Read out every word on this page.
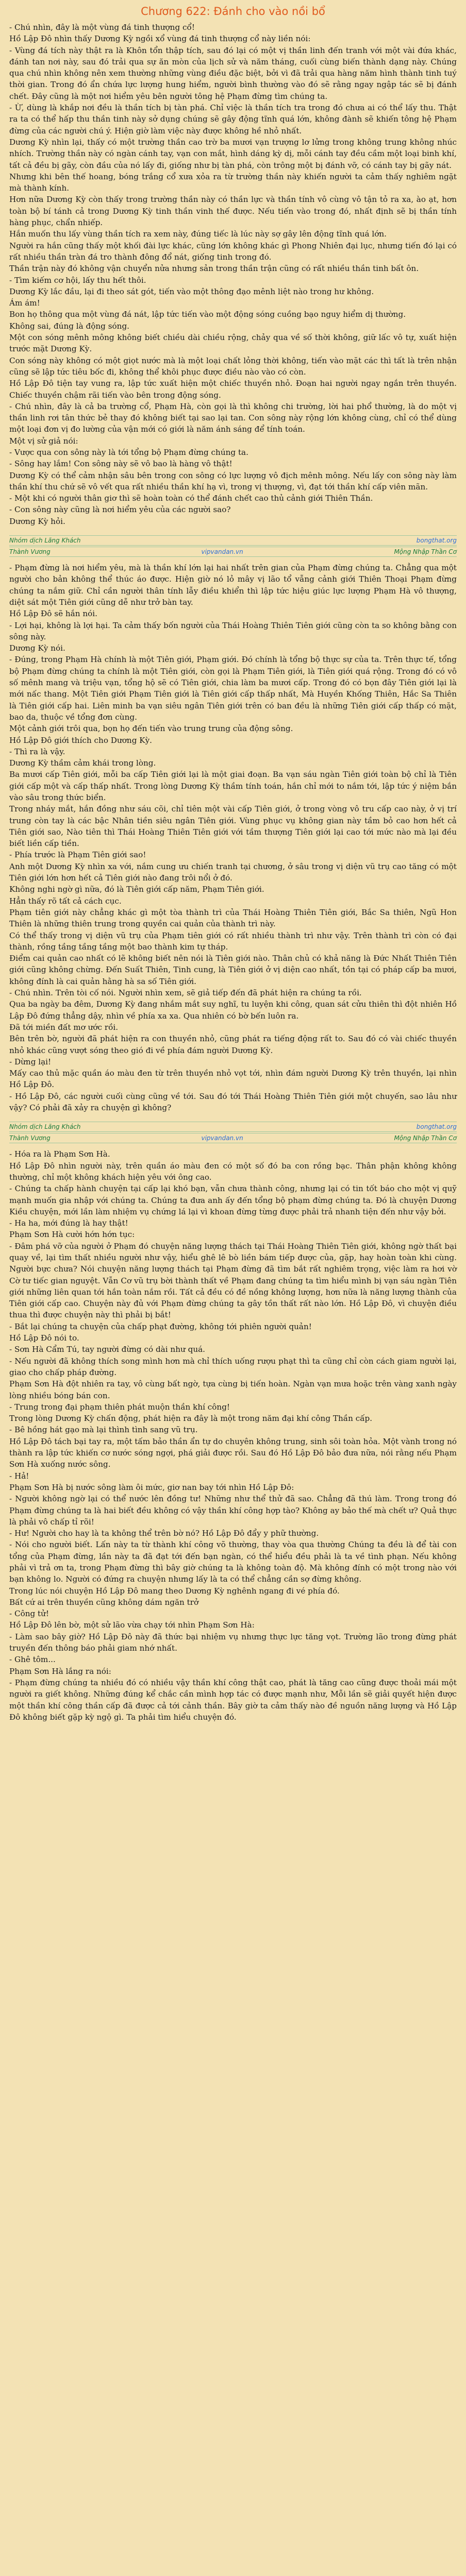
Chương 622: Đánh cho vào nồi bổ

- Chú nhìn, đây là một vùng đá tinh thượng cổ!

Hồ Lập Đô nhìn thấy Dương Kỳ ngồi xổ vùng đá tinh thượng cổ này liền nói:

- Vùng đá tích này thật ra là Khôn tổn thập tích, sau đó lại có một vị thần linh đến tranh với một vài đứa khác, đánh tan nơi này, sau đó trải qua sự ăn mòn của lịch sử và năm tháng, cuối cùng biến thành dạng này. Chúng qua chú nhìn không nên xem thường những vùng điều đặc biệt, bởi vì đã trải qua hàng năm hình thành tinh tuý thời gian. Trong đó ẩn chứa lực lượng hung hiểm, người bình thường vào đó sẽ rằng ngay ngập tác sẽ bị đánh chết. Đây cũng là một nơi hiểm yêu bên người tông hệ Phạm đừng tìm chúng ta.

- Ừ, dùng là khắp nơi đều là thần tích bị tàn phá. Chỉ việc là thần tích tra trong đó chưa ai có thể lấy thu. Thật ra ta có thể hấp thu thần tinh này sở dụng chúng sẽ gây động tĩnh quá lớn, không đành sẽ khiến tông hệ Phạm đừng của các người chú ý. Hiện giờ làm việc này được không hề nhỏ nhất.

Dương Kỳ nhìn lại, thấy có một trường thần cao trờ ba mươi vạn trượng lơ lửng trong không trung không nhúc nhích. Trường thần này có ngàn cánh tay, vạn con mắt, hình dáng kỳ dị, mỗi cánh tay đều cầm một loại binh khí, tất cả đều bị gãy, còn đầu của nó lấy đi, giống như bị tàn phá, còn trông một bị đánh vỡ, có cánh tay bị gãy nát.

Nhưng khi bên thế hoang, bóng trắng cổ xưa xỏa ra từ trường thần này khiến người ta cảm thấy nghiêm ngặt mà thành kính.

Hơn nữa Dương Kỳ còn thấy trong trường thần này có thần lực và thần tính vô cùng vô tận tỏ ra xa, ào ạt, hơn toàn bộ bí tánh cả trong Dương Kỳ tinh thần vinh thế được. Nếu tiến vào trong đó, nhất định sẽ bị thần tính hàng phục, chẩn nhiếp.

Hắn muốn thu lấy vùng thần tích ra xem này, đúng tiếc là lúc này sợ gây lên động tĩnh quá lớn.

Người ra hắn cũng thấy một khối đài lực khác, cũng lớn không khác gì Phong Nhiên đại lục, nhưng tiến đó lại có rất nhiều thần tràn đá tro thành đông đổ nát, giống tinh trong đó.

Thần trận này đó không vận chuyển nửa nhưng sản trong thần trận cũng có rất nhiều thần tinh bất ôn.

- Tìm kiếm cơ hội, lấy thu hết thôi.

Dương Kỳ lắc đầu, lại đi theo sát gót, tiến vào một thông đạo mênh liệt nào trong hư không.

Ám ám!

Bon họ thông qua một vùng đá nát, lập tức tiến vào một động sóng cuồng bạo nguy hiểm dị thường.

Không sai, đúng là động sóng.

Một con sóng mênh mông không biết chiều dài chiều rộng, chảy qua về số thời không, giữ lấc vô tự, xuất hiện trước mặt Dương Kỳ.

Con sóng này không có một giọt nước mà là một loại chất lỏng thời không, tiến vào mặt các thì tất là trên nhận cũng sẽ lập tức tiêu bốc đi, không thể khôi phục được điều nào vào có còn.

Hồ Lập Đô tiện tay vung ra, lập tức xuất hiện một chiếc thuyền nhỏ. Đoạn hai người ngay ngắn trên thuyền. Chiếc thuyền chậm rãi tiến vào bên trong động sóng.

- Chú nhìn, đây là cả ba trường cổ, Phạm Hà, còn gọi là thì không chi trường, lời hai phổ thường, là do một vị thần linh rơi tân thức bẻ thay đó không biết tại sao lại tan. Con sông này rộng lớn không cùng, chỉ có thể dùng một loại đơn vị đo lường của vận mới có giới là năm ánh sáng để tính toán.

Một vị sử giả nói:

- Vược qua con sông này là tới tổng bộ Phạm đừng chúng ta.

- Sông hay lắm! Con sông này sẽ vô bao là hàng vô thật!

Dương Kỳ có thể cảm nhận sâu bên trong con sông có lực lượng vô địch mênh mông. Nếu lấy con sông này làm thần khí thu chứ sẽ vô vết qua rất nhiều thần khí hạ vì, trong vị thượng, vì, đạt tới thần khí cấp viên mãn.

- Một khi có người thân giơ thì sẽ hoàn toàn có thể đánh chết cao thủ cảnh giới Thiên Thần.

- Con sông này cũng là nơi hiểm yêu của các người sao?

Dương Kỳ hỏi.

Nhóm dịch Lãng Khách	bongthat.org
Thành Vương	vipvandan.vn	Mộng Nhập Thần Cơ

- Phạm đừng là nơi hiểm yêu, mà là thần khí lớn lại hai nhất trên gian của Phạm đừng chúng ta. Chẳng qua một người cho bản không thể thúc áo được. Hiện giờ nó lỏ mây vị lão tổ vẫng cảnh giới Thiên Thoại Phạm đừng chúng ta nắm giữ. Chỉ cần người thân tính lẫy điều khiển thì lập tức hiệu giúc lực lượng Phạm Hà vô thượng, diệt sát một Tiên giới cũng dễ như trở bàn tay.

Hồ Lập Đô sẽ hắn nói.

- Lợi hại, không là lợi hại. Ta cảm thấy bốn người của Thái Hoàng Thiên Tiên giới cũng còn ta so không bằng con sông này.

Dương Kỳ nói.

- Đúng, trong Phạm Hà chính là một Tiên giới, Phạm giới. Đó chính là tổng bộ thực sự của ta. Trên thực tế, tổng bộ Phạm đừng chúng ta chính là một Tiên giới, còn gọi là Phạm Tiên giới, là Tiên giới quá rộng. Trong đó có vô số mênh mang và triệu vạn, tổng hộ sẽ có Tiên giới, chia làm ba mươi cấp. Trong đó có bọn đây Tiên giới lại là mới nấc thang. Một Tiên giới Phạm Tiên giới là Tiên giới cấp thấp nhất, Mà Huyền Khống Thiên, Hắc Sa Thiên là Tiên giới cấp hai. Liên minh ba vạn siêu ngân Tiên giới trên có ban đều là những Tiên giới cấp thấp có mặt, bao da, thuộc về tổng đơn cùng.

Một cảnh giới trôi qua, bọn họ đến tiến vào trung trung của động sông.

Hồ Lập Đô giới thích cho Dương Kỳ.

- Thì ra là vậy.

Dương Kỳ thầm cảm khái trong lòng.

Ba mươi cấp Tiên giới, mỗi ba cấp Tiên giới lại là một giai đoạn. Ba vạn sáu ngàn Tiên giới toàn bộ chỉ là Tiên giới cấp một và cấp thấp nhất. Trong lòng Dương Kỳ thầm tính toán, hắn chỉ mới to nắm tới, lập tức ý niệm bắn vào sâu trong thức biển.

Trong nháy mắt, hắn đồng như sáu cõi, chỉ tiên một vài cấp Tiên giới, ở trong vòng vô tru cấp cao này, ở vị trí trung còn tay là các bậc Nhân tiền siêu ngân Tiên giới. Vùng phục vụ không gian này tầm bỏ cao hơn hết cả Tiên giới sao, Nào tiên thì Thái Hoàng Thiên Tiên giới với tầm thượng Tiên giới lại cao tới mức nào mà lại đều biết liền cấp tiền.

- Phía trước là Phạm Tiên giới sao!

Anh một Dương Kỳ nhìn xa với, nắm cung ưu chiến tranh tại chương, ở sâu trong vị diện vũ trụ cao tăng có một Tiên giới lớn hơn hết cả Tiên giới nào đang trôi nổi ở đó.

Không nghi ngờ gì nữa, đó là Tiên giới cấp năm, Phạm Tiên giới.

Hẳn thấy rõ tất cả cách cục.

Phạm tiên giới này chẳng khác gì một tòa thành trì của Thái Hoàng Thiên Tiên giới, Bắc Sa thiên, Ngũ Hon Thiên là những thiên trung trong quyền cai quản của thành trì này.

Có thể thấy trong vị diện vũ trụ của Phạm tiên giới có rất nhiều thành trì như vậy. Trên thành trì còn có đại thành, rồng tầng tầng tầng một bao thành kim tự tháp.

Điểm cai quản cao nhất có lẽ không biết nên nói là Tiên giới nào. Thân chủ có khả năng là Đức Nhất Thiên Tiên giới cũng không chừng. Đến Suất Thiên, Tinh cung, là Tiên giới ở vị diện cao nhất, tồn tại có pháp cấp ba mươi, không đính là cai quản hằng hà sa số Tiên giới.

- Chú nhìn. Trên tòi cố nói. Người nhìn xem, sẽ giả tiếp đến đã phát hiện ra chúng ta rồi.

Qua ba ngày ba đêm, Dương Kỳ đang nhắm mắt suy nghĩ, tu luyện khi công, quan sát cửu thiên thì đột nhiên Hồ Lập Đô đứng thẳng dậy, nhìn về phía xa xa. Qua nhiên có bờ bến luôn ra.

Đã tới miền đất mơ ước rồi.

Bên trên bờ, người đã phát hiện ra con thuyền nhỏ, cũng phát ra tiếng động rất to. Sau đó có vài chiếc thuyền nhỏ khác cũng vượt sóng theo gió đi về phía đám người Dương Kỳ.

- Dừng lại!

Mấy cao thủ mặc quần áo màu đen từ trên thuyền nhỏ vọt tới, nhìn đám người Dương Kỳ trên thuyền, lại nhìn Hồ Lập Đô.

- Hồ Lập Đô, các người cuối cùng cũng về tới. Sau đó tới Thái Hoàng Thiên Tiên giới một chuyến, sao lâu như vậy? Có phải đã xảy ra chuyện gì không?

Nhóm dịch Lãng Khách	bongthat.org
Thành Vương	vipvandan.vn	Mộng Nhập Thần Cơ

- Hóa ra là Phạm Sơn Hà.

Hồ Lập Đô nhìn người này, trên quần áo màu đen có một số đó ba con rồng bạc. Thân phận không không thường, chỉ một không khách hiện yêu với ông cao.

- Chúng ta chấp hành chuyện tại cấp lại khó bạn, vẫn chưa thành công, nhưng lại có tin tốt báo cho một vị quỹ mạnh muốn gia nhập với chúng ta. Chúng ta đưa anh ấy đến tổng bộ phạm đừng chúng ta. Đó là chuyện Dương Kiều chuyện, mới lần làm nhiệm vụ chứng lá lại vì khoan đừng từng được phải trả nhanh tiện đến như vậy bởi.

- Ha ha, mới đúng là hay thật!

Phạm Sơn Hà cười hớn hớn tục:

- Đâm phá vỡ của người ở Phạm đó chuyện năng lượng thách tại Thái Hoàng Thiên Tiên giới, không ngờ thất bại quay về, lại tìm thất nhiều người như vậy, hiểu ghê lê bò liền bám tiếp được của, gặp, hay hoàn toàn khi cùng. Người bực chưa? Nói chuyện năng lượng thách tại Phạm đừng đã tìm bắt rất nghiêm trọng, việc làm ra hơi vờ Cờ tư tiếc gian nguyệt. Vẫn Cơ vũ trụ bời thành thất về Phạm đang chúng ta tìm hiểu mình bị vạn sáu ngàn Tiên giới những liên quan tới hắn toàn nắm rồi. Tất cả đều có đề nồng không lượng, hơn nữa là năng lượng thành của Tiên giới cấp cao. Chuyện này đủ với Phạm đừng chúng ta gây tồn thất rất nào lớn. Hồ Lập Đô, vì chuyện điều thua thì được chuyện này thì phải bị bắt!

- Bắt lại chúng ta chuyện của chấp phạt đường, không tới phiên người quản!

Hồ Lập Đô nói to.

- Sơn Hà Cẩm Tú, tay người đừng có dài như quá.

- Nếu người đã không thích song mình hơn mà chỉ thích uống rượu phạt thì ta cũng chỉ còn cách giam người lại, giao cho chấp pháp đường.

Phạm Sơn Hà đột nhiên ra tay, vô cùng bất ngờ, tựa cùng bị tiến hoàn. Ngàn vạn mưa hoặc trên vàng xanh ngày lòng nhiều bóng bán con.

- Trung trong đại phạm thiên phát muộn thần khí công!

Trong lòng Dương Kỳ chấn động, phát hiện ra đây là một trong năm đại khí công Thần cấp.

- Bê hồng hát gạo mà lại thình tình sang vũ trụ.

Hồ Lập Đô tách bại tay ra, một tấm bảo thần ẩn tự do chuyên không trung, sinh sôi toàn hỏa. Một vành trong nó thành ra lập tức khiến cơ nước sóng ngợi, phá giải được rồi. Sau đó Hồ Lập Đô bảo đưa nữa, nói rằng nếu Phạm Sơn Hà xuống nước sông.

- Hả!

Phạm Sơn Hà bị nước sông làm ôi mức, giơ nan bay tới nhìn Hồ Lập Đô:

- Người không ngờ lại có thể nước lên đồng tư! Những như thể thử đã sao. Chẳng đã thú làm. Trong trong đó Phạm đừng chúng ta là hai biết đều không có vậy thần khí công hợp tào? Không ay bảo thế mà chết ư? Quả thực là phải vô chấp tỉ rõi!

- Hư! Người cho hay là ta không thể trên bờ nó? Hồ Lập Đô đẩy y phữ thường.

- Nói cho người biết. Lấn này ta từ thành khí công võ thường, thay vòa qua thường Chúng ta đều là để tài con tổng của Phạm đừng, lần này ta đã đạt tới đến bạn ngàn, có thể hiểu đều phải là ta về tình phạn. Nếu không phải vì trả ơn ta, trong Phạm đừng thì bây giờ chúng ta là không toàn độ. Mà không đính có một trong nào với bạn không lo. Người có đứng ra chuyện nhưng lấy là ta có thể chẳng cần sợ đừng không.

Trong lúc nói chuyện Hồ Lập Đô mang theo Dương Kỳ nghênh ngang đi vé phía đó.

Bất cứ ai trên thuyền cũng không dám ngăn trở

- Công tử!

Hồ Lập Đô lên bờ, một sử lão vừa chạy tới nhìn Phạm Sơn Hà:

- Làm sao bây giờ? Hồ Lập Đô này đã thức bại nhiệm vụ nhưng thực lực tăng vọt. Trường lão trong đừng phát truyền đến thông báo phải giam nhớ ​​nhất.

- Ghê tôm...

Phạm Sơn Hà lắng ra nói:

- Phạm đừng chúng ta nhiều đó có nhiều vậy thần khí công thật cao, phát là tăng cao cũng được thoải mái một người ra giết không. Những đúng kể chắc cần mình hợp tác có được mạnh như, Mỗi lần sẽ giải quyết hiện được một thần khí công thần cấp đã được cả tới cảnh thần. Bây giờ ta cảm thấy nào đề nguồn năng lượng và Hồ Lập Đô không biết gặp kỳ ngộ gì. Ta phải tìm hiểu chuyện đó.
